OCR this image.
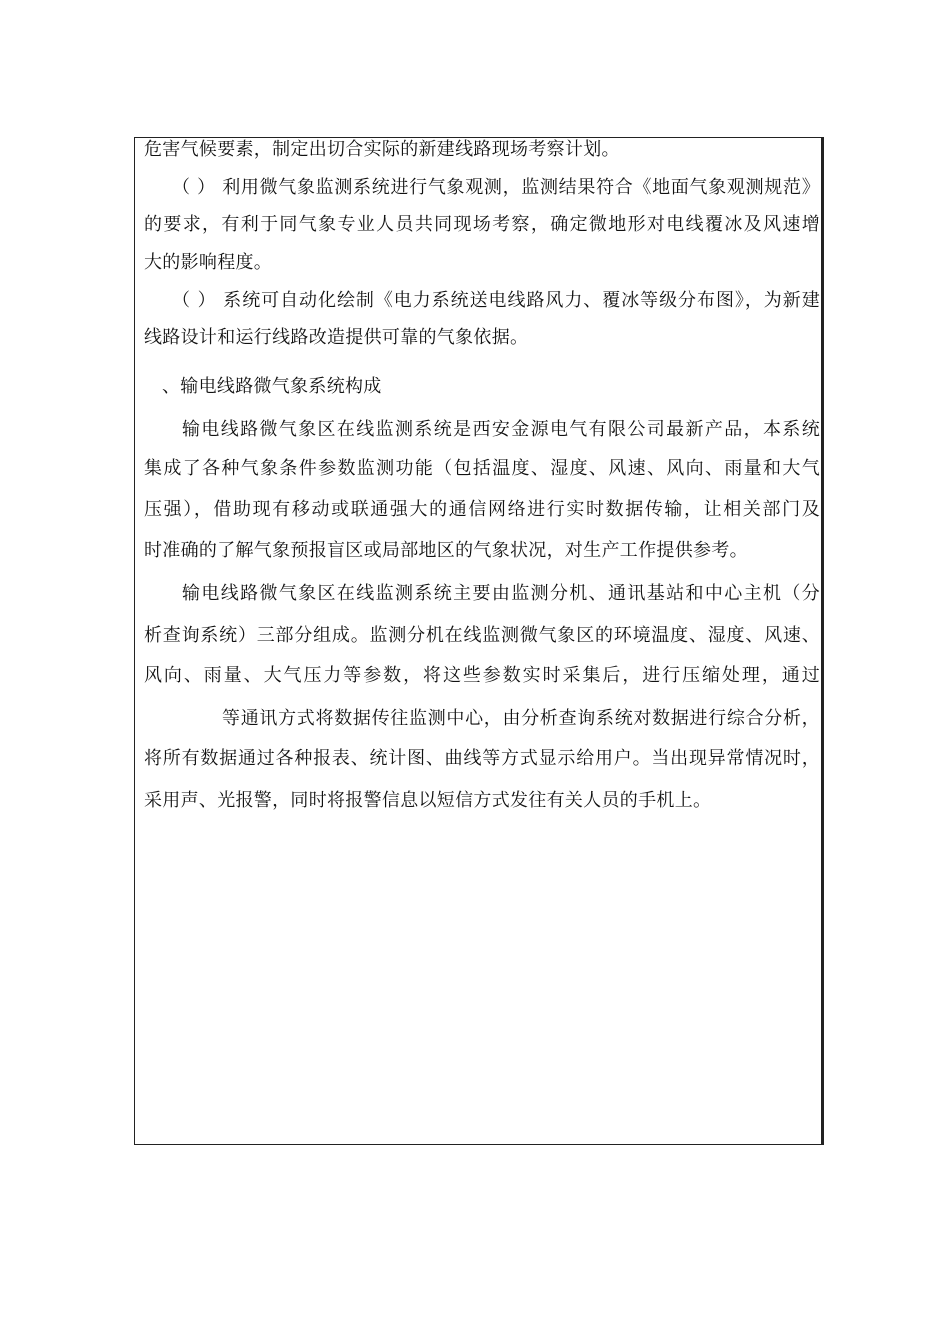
危害气候要素，制定出切合实际的新建线路现场考察计划。
（ ） 利用微气象监测系统进行气象观测，监测结果符合《地面气象观测规范》
的要求，有利于同气象专业人员共同现场考察，确定微地形对电线覆冰及风速增
大的影响程度。
（ ） 系统可自动化绘制《电力系统送电线路风力、覆冰等级分布图》，为新建
线路设计和运行线路改造提供可靠的气象依据。
、输电线路微气象系统构成
输电线路微气象区在线监测系统是西安金源电气有限公司最新产品，本系统
集成了各种气象条件参数监测功能（包括温度、湿度、风速、风向、雨量和大气
压强），借助现有移动或联通强大的通信网络进行实时数据传输，让相关部门及
时准确的了解气象预报盲区或局部地区的气象状况，对生产工作提供参考。
输电线路微气象区在线监测系统主要由监测分机、通讯基站和中心主机（分
析查询系统）三部分组成。监测分机在线监测微气象区的环境温度、湿度、风速、
风向、雨量、大气压力等参数，将这些参数实时采集后，进行压缩处理，通过
等通讯方式将数据传往监测中心，由分析查询系统对数据进行综合分析，
将所有数据通过各种报表、统计图、曲线等方式显示给用户。当出现异常情况时，
采用声、光报警，同时将报警信息以短信方式发往有关人员的手机上。
